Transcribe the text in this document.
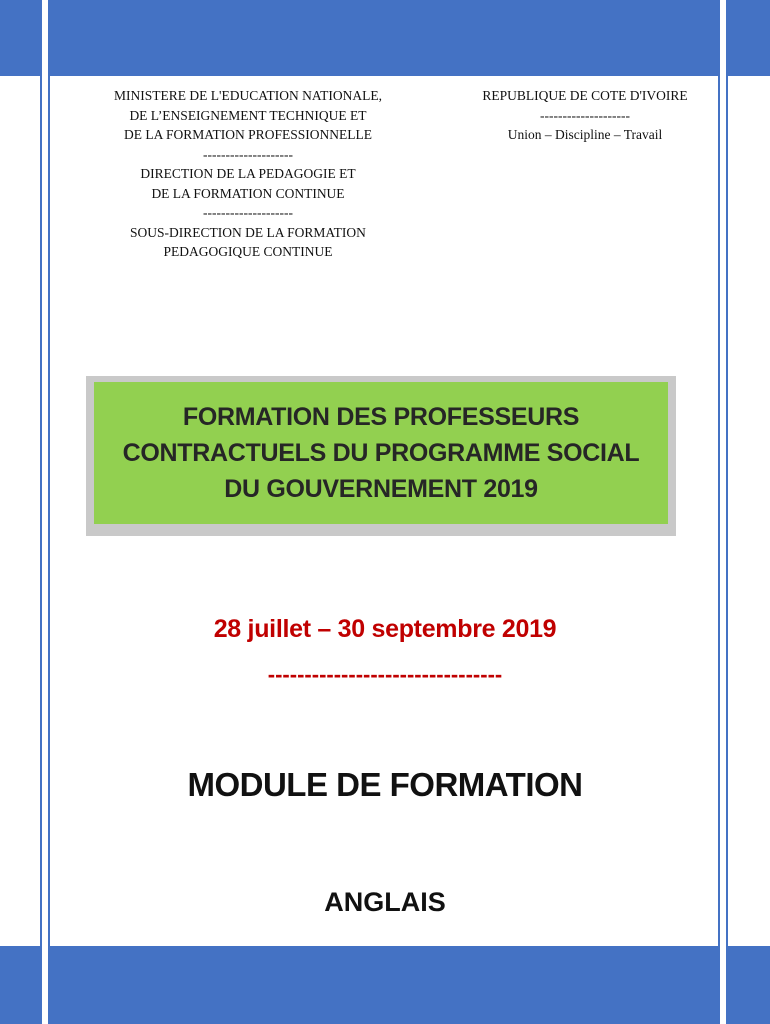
MINISTERE DE L'EDUCATION NATIONALE,
DE L’ENSEIGNEMENT TECHNIQUE ET
DE LA FORMATION PROFESSIONNELLE
--------------------
DIRECTION DE LA PEDAGOGIE ET
DE LA FORMATION CONTINUE
--------------------
SOUS-DIRECTION DE LA FORMATION
PEDAGOGIQUE CONTINUE
REPUBLIQUE DE COTE D'IVOIRE
--------------------
Union – Discipline – Travail
FORMATION DES PROFESSEURS
CONTRACTUELS DU PROGRAMME SOCIAL
DU GOUVERNEMENT 2019
28 juillet – 30 septembre 2019
--------------------------------
MODULE DE FORMATION
ANGLAIS
